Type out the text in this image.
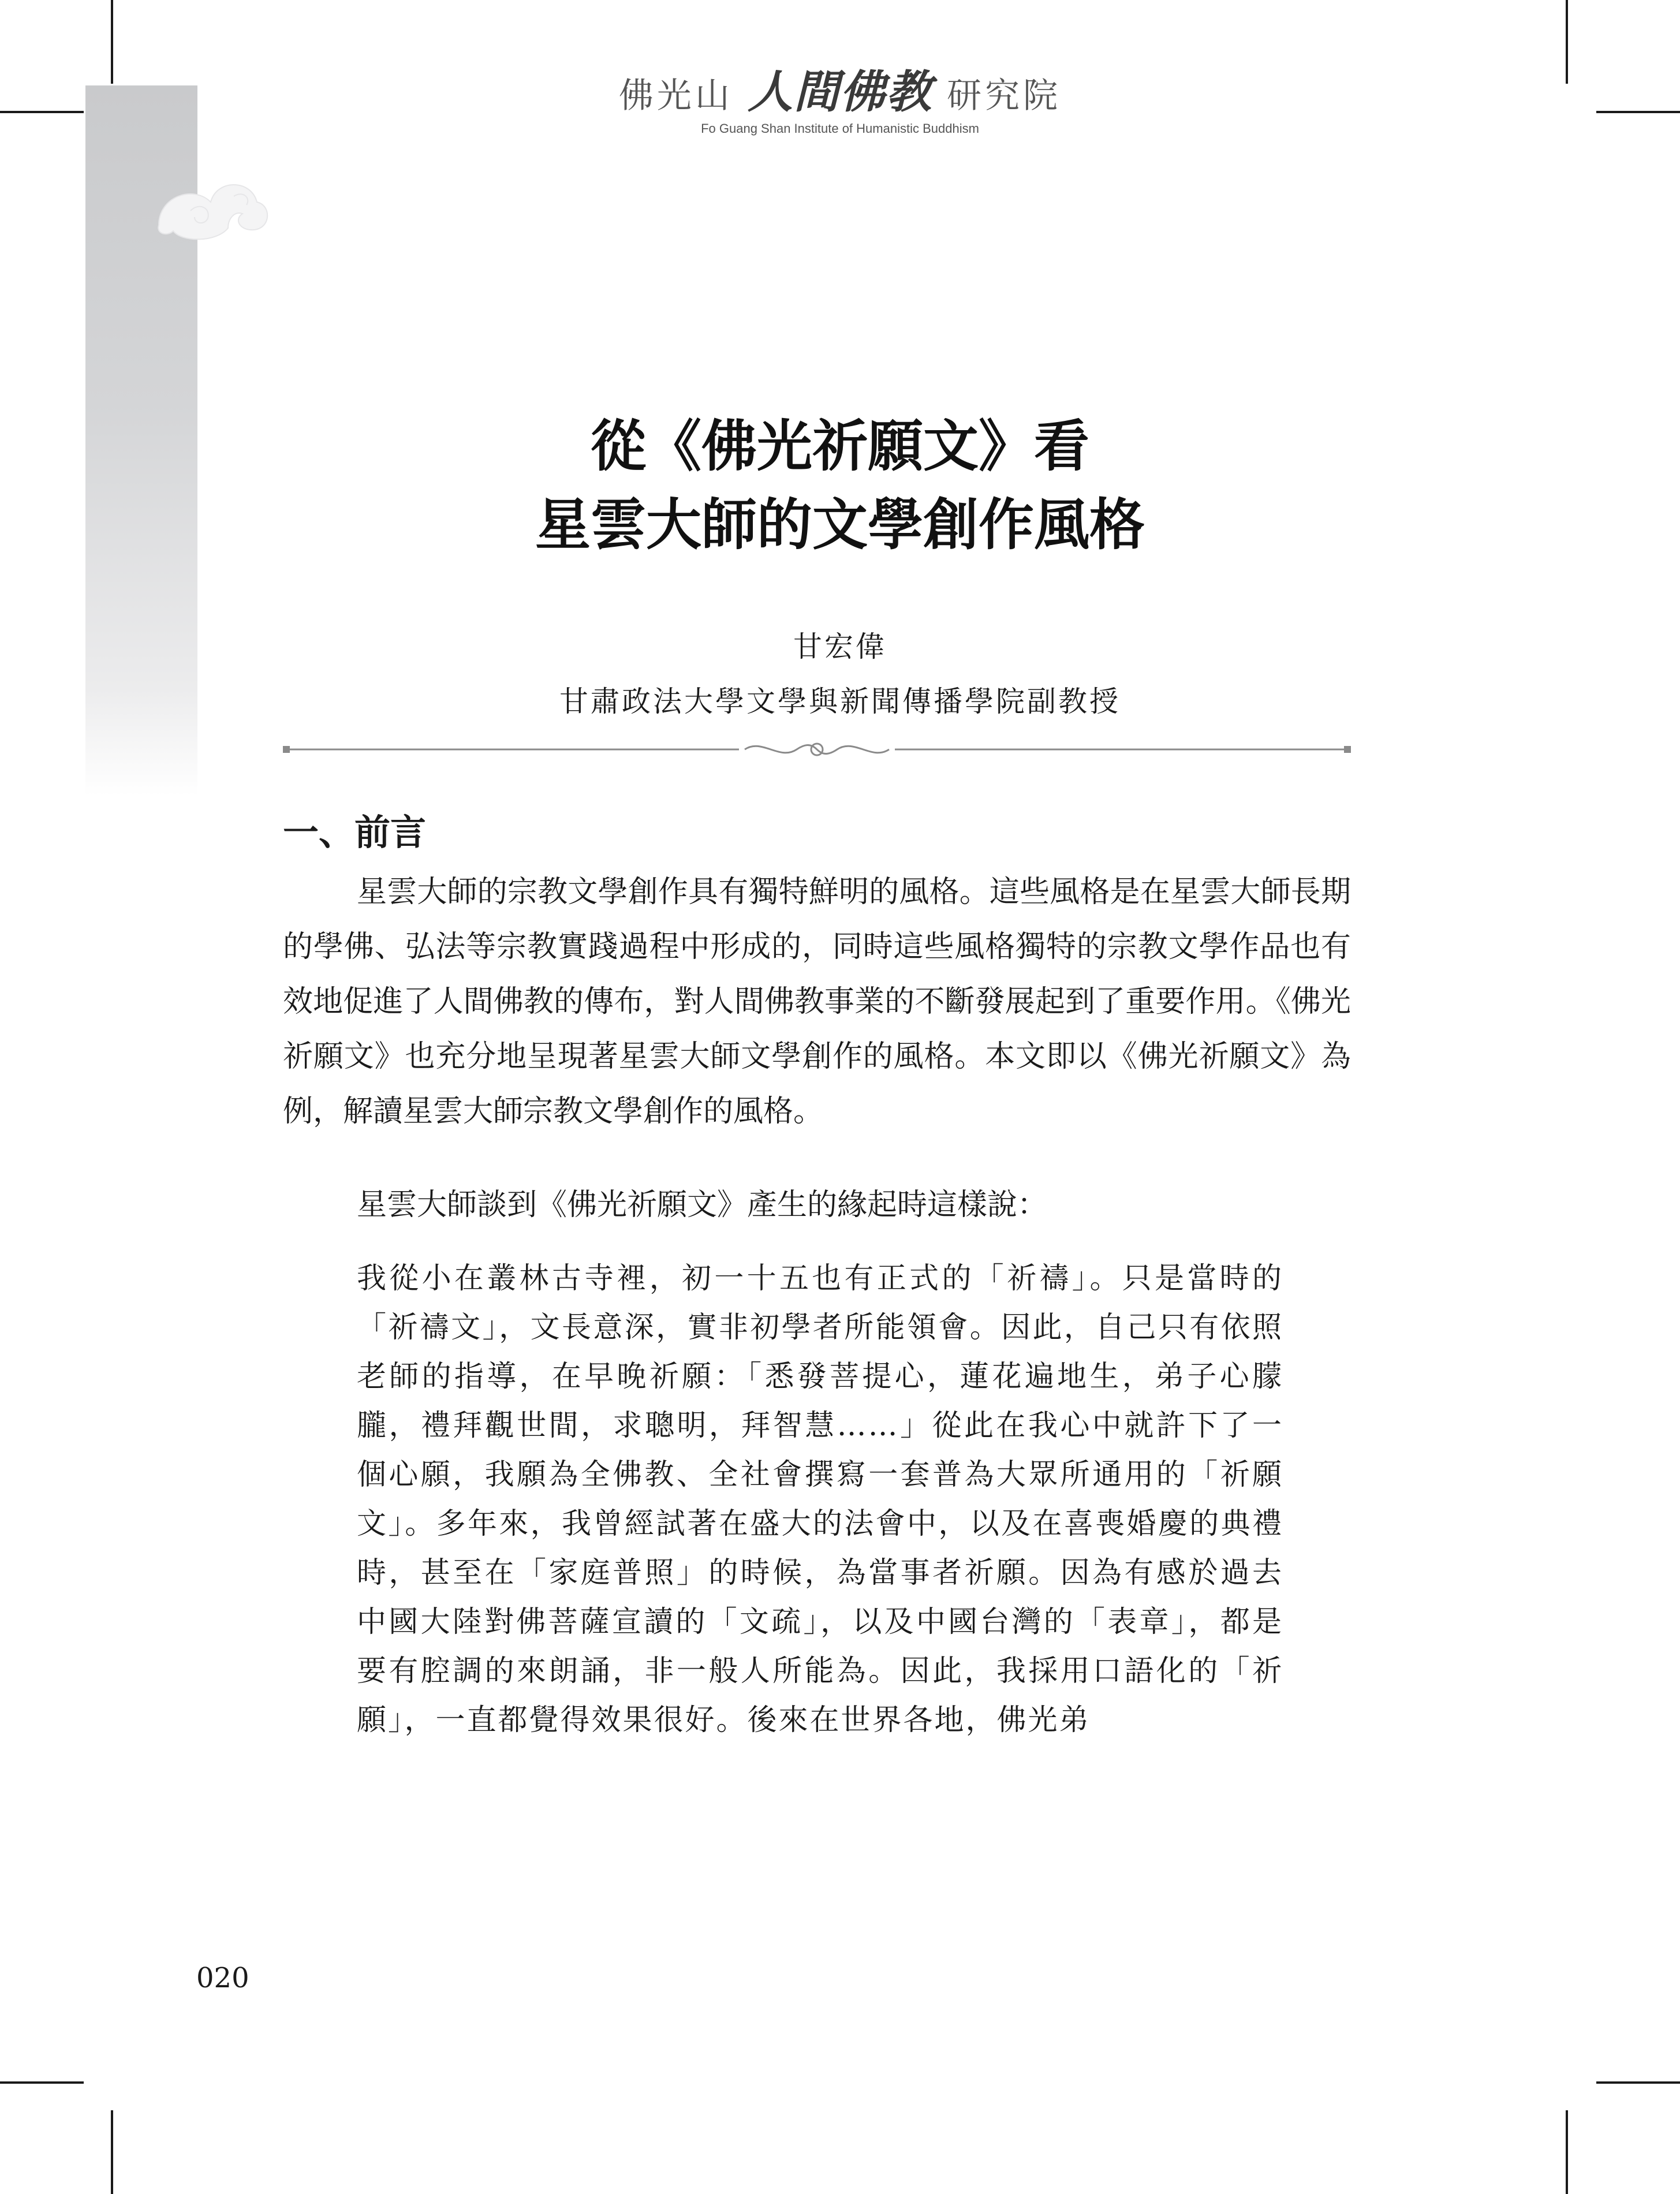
佛光山 人間佛教 研究院
Fo Guang Shan Institute of Humanistic Buddhism
從《佛光祈願文》看
星雲大師的文學創作風格
甘宏偉
甘肅政法大學文學與新聞傳播學院副教授
一、前言

星雲大師的宗教文學創作具有獨特鮮明的風格。這些風格是在星雲大師長期的學佛、弘法等宗教實踐過程中形成的，同時這些風格獨特的宗教文學作品也有效地促進了人間佛教的傳布，對人間佛教事業的不斷發展起到了重要作用。《佛光祈願文》也充分地呈現著星雲大師文學創作的風格。本文即以《佛光祈願文》為例，解讀星雲大師宗教文學創作的風格。

星雲大師談到《佛光祈願文》產生的緣起時這樣說：

我從小在叢林古寺裡，初一十五也有正式的「祈禱」。只是當時的「祈禱文」，文長意深，實非初學者所能領會。因此，自己只有依照老師的指導，在早晚祈願：「悉發菩提心，蓮花遍地生，弟子心朦朧，禮拜觀世間，求聰明，拜智慧……」從此在我心中就許下了一個心願，我願為全佛教、全社會撰寫一套普為大眾所通用的「祈願文」。多年來，我曾經試著在盛大的法會中，以及在喜喪婚慶的典禮時，甚至在「家庭普照」的時候，為當事者祈願。因為有感於過去中國大陸對佛菩薩宣讀的「文疏」，以及中國台灣的「表章」，都是要有腔調的來朗誦，非一般人所能為。因此，我採用口語化的「祈願」，一直都覺得效果很好。後來在世界各地，佛光弟

020
